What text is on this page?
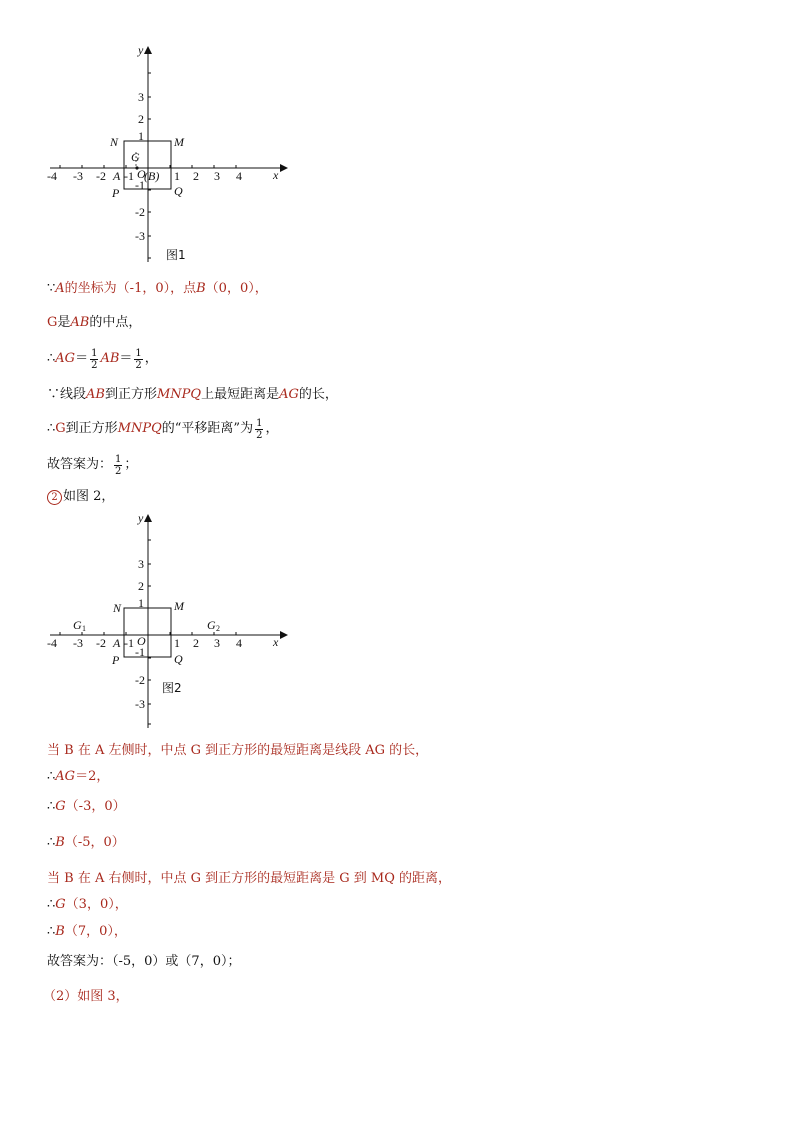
-4 -3 -2 -1	1 2 3 4
3
2
1
-1
-2
-3
x
y
N	M
P	Q
G
A O
(B)
图1
∵ A 的坐标为（-1，0），点 B （0，0），
G 是 AB 的中点，
∴ AG ＝ $\frac{1}{2}$ AB ＝ $\frac{1}{2}$ ，
∵线段 AB 到正方形 MNPQ 上最短距离是 AG 的长，
∴ G 到正方形 MNPQ 的“平移距离”为 $\frac{1}{2}$ ，
故答案为： $\frac{1}{2}$ ；
2 如图 2，
-4 -3 -2 -1	1 2 3 4
3
2
1
-1
-2
-3
x
y
N	M
P	Q
A O
G 1	G 2
图2
当 B 在 A 左侧时，中点 G 到正方形的最短距离是线段 AG 的长，
∴ AG ＝2，
∴ G （-3，0）
∴ B （-5，0）
当 B 在 A 右侧时，中点 G 到正方形的最短距离是 G 到 MQ 的距离，
∴ G （3，0），
∴ B （7，0），
故答案为：（-5，0）或（7，0）；
（2）如图 3，
